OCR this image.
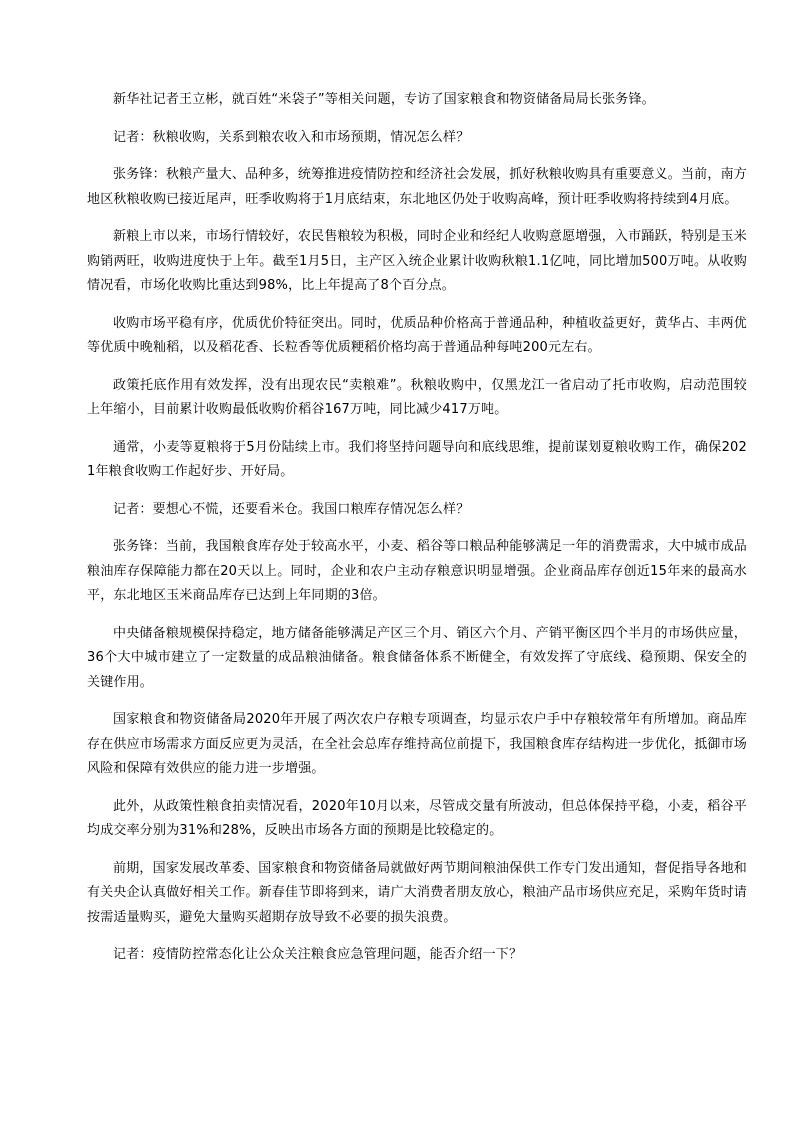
新华社记者王立彬，就百姓“米袋子”等相关问题，专访了国家粮食和物资储备局局长张务锋。

记者：秋粮收购，关系到粮农收入和市场预期，情况怎么样？

张务锋：秋粮产量大、品种多，统筹推进疫情防控和经济社会发展，抓好秋粮收购具有重要意义。当前，南方地区秋粮收购已接近尾声，旺季收购将于1月底结束，东北地区仍处于收购高峰，预计旺季收购将持续到4月底。

新粮上市以来，市场行情较好，农民售粮较为积极，同时企业和经纪人收购意愿增强，入市踊跃，特别是玉米购销两旺，收购进度快于上年。截至1月5日，主产区入统企业累计收购秋粮1.1亿吨，同比增加500万吨。从收购情况看，市场化收购比重达到98%，比上年提高了8个百分点。

收购市场平稳有序，优质优价特征突出。同时，优质品种价格高于普通品种，种植收益更好，黄华占、丰两优等优质中晚籼稻，以及稻花香、长粒香等优质粳稻价格均高于普通品种每吨200元左右。

政策托底作用有效发挥，没有出现农民“卖粮难”。秋粮收购中，仅黑龙江一省启动了托市收购，启动范围较上年缩小，目前累计收购最低收购价稻谷167万吨，同比减少417万吨。

通常，小麦等夏粮将于5月份陆续上市。我们将坚持问题导向和底线思维，提前谋划夏粮收购工作，确保2021年粮食收购工作起好步、开好局。

记者：要想心不慌，还要看米仓。我国口粮库存情况怎么样？

张务锋：当前，我国粮食库存处于较高水平，小麦、稻谷等口粮品种能够满足一年的消费需求，大中城市成品粮油库存保障能力都在20天以上。同时，企业和农户主动存粮意识明显增强。企业商品库存创近15年来的最高水平，东北地区玉米商品库存已达到上年同期的3倍。

中央储备粮规模保持稳定，地方储备能够满足产区三个月、销区六个月、产销平衡区四个半月的市场供应量，36个大中城市建立了一定数量的成品粮油储备。粮食储备体系不断健全，有效发挥了守底线、稳预期、保安全的关键作用。

国家粮食和物资储备局2020年开展了两次农户存粮专项调查，均显示农户手中存粮较常年有所增加。商品库存在供应市场需求方面反应更为灵活，在全社会总库存维持高位前提下，我国粮食库存结构进一步优化，抵御市场风险和保障有效供应的能力进一步增强。

此外，从政策性粮食拍卖情况看，2020年10月以来，尽管成交量有所波动，但总体保持平稳，小麦，稻谷平均成交率分别为31%和28%，反映出市场各方面的预期是比较稳定的。

前期，国家发展改革委、国家粮食和物资储备局就做好两节期间粮油保供工作专门发出通知，督促指导各地和有关央企认真做好相关工作。新春佳节即将到来，请广大消费者朋友放心，粮油产品市场供应充足，采购年货时请按需适量购买，避免大量购买超期存放导致不必要的损失浪费。

记者：疫情防控常态化让公众关注粮食应急管理问题，能否介绍一下？
